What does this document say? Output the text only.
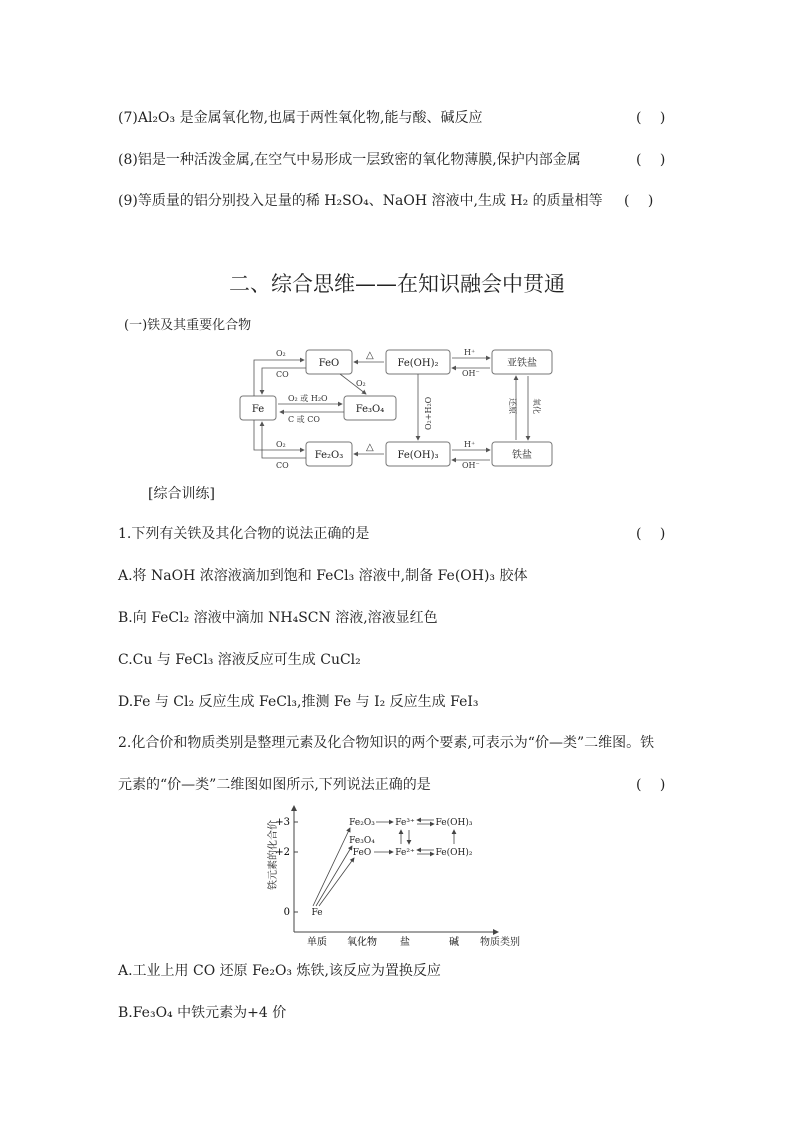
(7)Al₂O₃ 是金属氧化物,也属于两性氧化物,能与酸、碱反应	(　 )
(8)铝是一种活泼金属,在空气中易形成一层致密的氧化物薄膜,保护内部金属	(　 )
(9)等质量的铝分别投入足量的稀 H₂SO₄、NaOH 溶液中,生成 H₂ 的质量相等	(　 )
二、综合思维——在知识融会中贯通
(一)铁及其重要化合物
Fe
FeO	Fe(OH)₂	亚铁盐
Fe₃O₄
Fe₂O₃	Fe(OH)₃	铁盐
O₂
CO
O₂
CO
O₂ 或 H₂O
C 或 CO
O₂
△
△
H⁺
OH⁻
H⁺
OH⁻
O₂+H₂O	还原 氧化
[综合训练]
1.下列有关铁及其化合物的说法正确的是	(　 )
A.将 NaOH 浓溶液滴加到饱和 FeCl₃ 溶液中,制备 Fe(OH)₃ 胶体
B.向 FeCl₂ 溶液中滴加 NH₄SCN 溶液,溶液显红色
C.Cu 与 FeCl₃ 溶液反应可生成 CuCl₂
D.Fe 与 Cl₂ 反应生成 FeCl₃,推测 Fe 与 I₂ 反应生成 FeI₃
2.化合价和物质类别是整理元素及化合物知识的两个要素,可表示为“价—类”二维图。铁
元素的“价—类”二维图如图所示,下列说法正确的是	(　 )
铁元素的化合价
单质 氧化物 盐	碱
0
+2
+3
Fe
FeO
Fe₃O₄
Fe₂O₃
Fe²⁺
Fe³⁺
Fe(OH)₂
Fe(OH)₃
物质类别
A.工业上用 CO 还原 Fe₂O₃ 炼铁,该反应为置换反应
B.Fe₃O₄ 中铁元素为+4 价
